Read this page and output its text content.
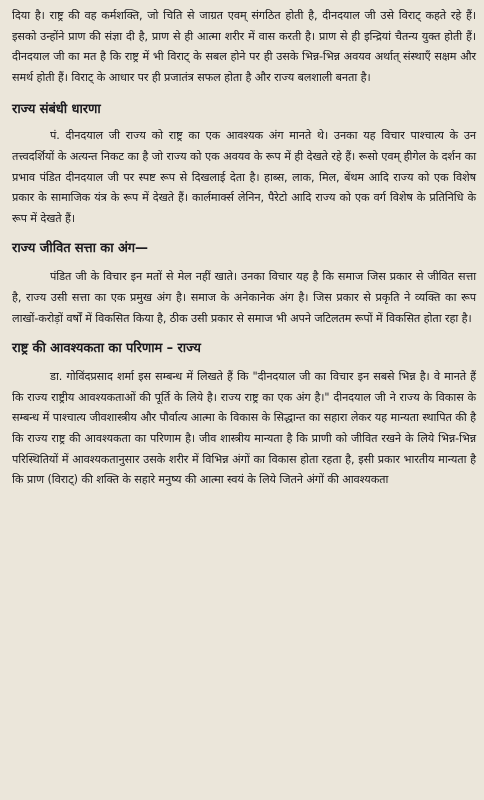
दिया है। राष्ट्र की वह कर्मशक्ति, जो चिति से जाग्रत एवम् संगठित होती है, दीनदयाल जी उसे विराट् कहते रहे हैं। इसको उन्होंने प्राण की संज्ञा दी है, प्राण से ही आत्मा शरीर में वास करती है। प्राण से ही इन्द्रियां चैतन्य युक्त होती हैं। दीनदयाल जी का मत है कि राष्ट्र में भी विराट् के सबल होने पर ही उसके भिन्न-भिन्न अवयव अर्थात् संस्थाएँ सक्षम और समर्थ होती हैं। विराट् के आधार पर ही प्रजातंत्र सफल होता है और राज्य बलशाली बनता है।

राज्य संबंधी धारणा

पं. दीनदयाल जी राज्य को राष्ट्र का एक आवश्यक अंग मानते थे। उनका यह विचार पाश्चात्य के उन तत्त्वदर्शियों के अत्यन्त निकट का है जो राज्य को एक अवयव के रूप में ही देखते रहे हैं। रूसो एवम् हीगेल के दर्शन का प्रभाव पंडित दीनदयाल जी पर स्पष्ट रूप से दिखलाई देता है। हाब्स, लाक, मिल, बेंथम आदि राज्य को एक विशेष प्रकार के सामाजिक यंत्र के रूप में देखते हैं। कार्लमार्क्स लेनिन, पैरेटो आदि राज्य को एक वर्ग विशेष के प्रतिनिधि के रूप में देखते हैं।

राज्य जीवित सत्ता का अंग—

पंडित जी के विचार इन मतों से मेल नहीं खाते। उनका विचार यह है कि समाज जिस प्रकार से जीवित सत्ता है, राज्य उसी सत्ता का एक प्रमुख अंग है। समाज के अनेकानेक अंग है। जिस प्रकार से प्रकृति ने व्यक्ति का रूप लाखों-करोड़ों वर्षों में विकसित किया है, ठीक उसी प्रकार से समाज भी अपने जटिलतम रूपों में विकसित होता रहा है।

राष्ट्र की आवश्यकता का परिणाम – राज्य

डा. गोविंदप्रसाद शर्मा इस सम्बन्ध में लिखते हैं कि "दीनदयाल जी का विचार इन सबसे भिन्न है। वे मानते हैं कि राज्य राष्ट्रीय आवश्यकताओं की पूर्ति के लिये है। राज्य राष्ट्र का एक अंग है।" दीनदयाल जी ने राज्य के विकास के सम्बन्ध में पाश्चात्य जीवशास्त्रीय और पौर्वात्य आत्मा के विकास के सिद्धान्त का सहारा लेकर यह मान्यता स्थापित की है कि राज्य राष्ट्र की आवश्यकता का परिणाम है। जीव शास्त्रीय मान्यता है कि प्राणी को जीवित रखने के लिये भिन्न-भिन्न परिस्थितियों में आवश्यकतानुसार उसके शरीर में विभिन्न अंगों का विकास होता रहता है, इसी प्रकार भारतीय मान्यता है कि प्राण (विराट्) की शक्ति के सहारे मनुष्य की आत्मा स्वयं के लिये जितने अंगों की आवश्यकता
